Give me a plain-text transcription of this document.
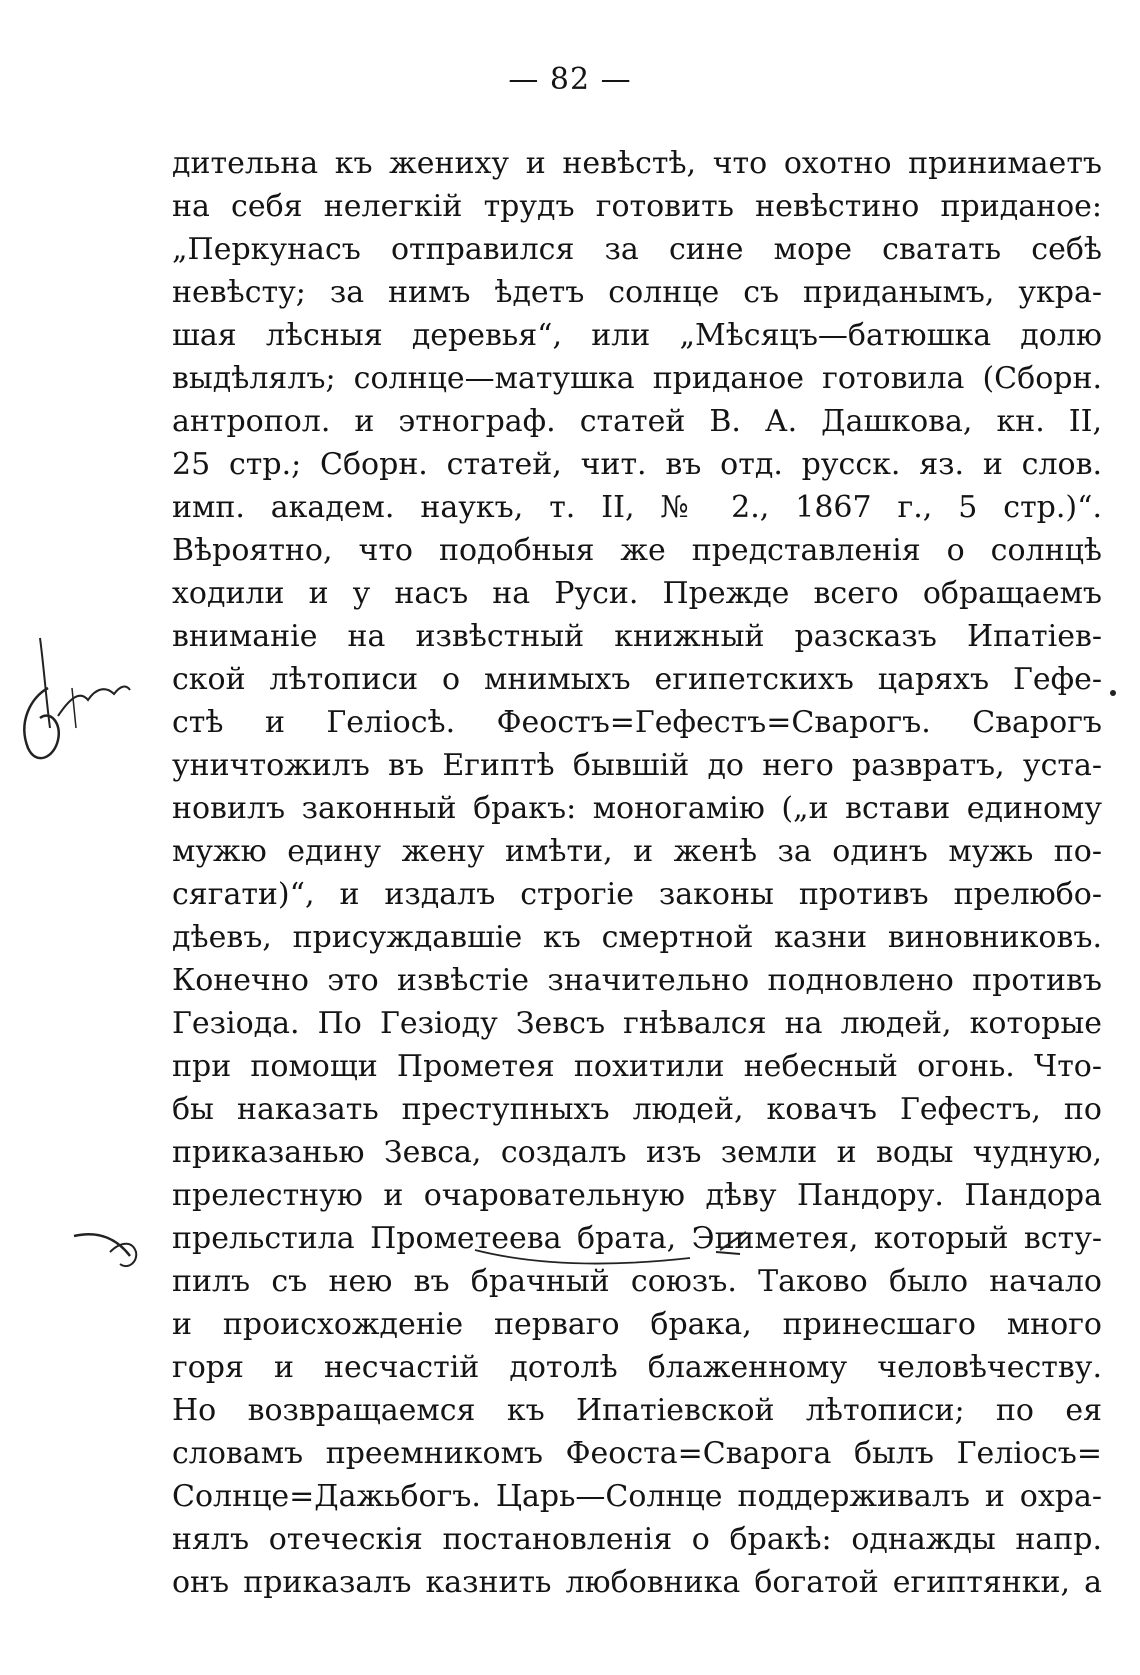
— 82 —
дительна къ жениху и невѣстѣ, что охотно принимаетъ
на себя нелегкій трудъ готовить невѣстино приданое:
„Перкунасъ отправился за сине море сватать себѣ
невѣсту; за нимъ ѣдетъ солнце съ приданымъ, укра-
шая лѣсныя деревья“, или „Мѣсяцъ—батюшка долю
выдѣлялъ; солнце—матушка приданое готовила (Сборн.
антропол. и этнограф. статей В. А. Дашкова, кн. II,
25 стр.; Сборн. статей, чит. въ отд. русск. яз. и слов.
имп. академ. наукъ, т. II, № 2., 1867 г., 5 стр.)“.
Вѣроятно, что подобныя же представленія о солнцѣ
ходили и у насъ на Руси. Прежде всего обращаемъ
вниманіе на извѣстный книжный разсказъ Ипатіев-
ской лѣтописи о мнимыхъ египетскихъ царяхъ Гефе-
стѣ и Геліосѣ. Феостъ=Гефестъ=Сварогъ. Сварогъ
уничтожилъ въ Египтѣ бывшій до него развратъ, уста-
новилъ законный бракъ: моногамію („и встави единому
мужю едину жену имѣти, и женѣ за одинъ мужь по-
сягати)“, и издалъ строгіе законы противъ прелюбо-
дѣевъ, присуждавшіе къ смертной казни виновниковъ.
Конечно это извѣстіе значительно подновлено противъ
Гезіода. По Гезіоду Зевсъ гнѣвался на людей, которые
при помощи Прометея похитили небесный огонь. Что-
бы наказать преступныхъ людей, ковачъ Гефестъ, по
приказанью Зевса, создалъ изъ земли и воды чудную,
прелестную и очаровательную дѣву Пандору. Пандора
прельстила Прометеева брата, Эпиметея, который всту-
пилъ съ нею въ брачный союзъ. Таково было начало
и происхожденіе перваго брака, принесшаго много
горя и несчастій дотолѣ блаженному человѣчеству.
Но возвращаемся къ Ипатіевской лѣтописи; по ея
словамъ преемникомъ Феоста=Сварога былъ Геліосъ=
Солнце=Дажьбогъ. Царь—Солнце поддерживалъ и охра-
нялъ отеческія постановленія о бракѣ: однажды напр.
онъ приказалъ казнить любовника богатой египтянки, а
